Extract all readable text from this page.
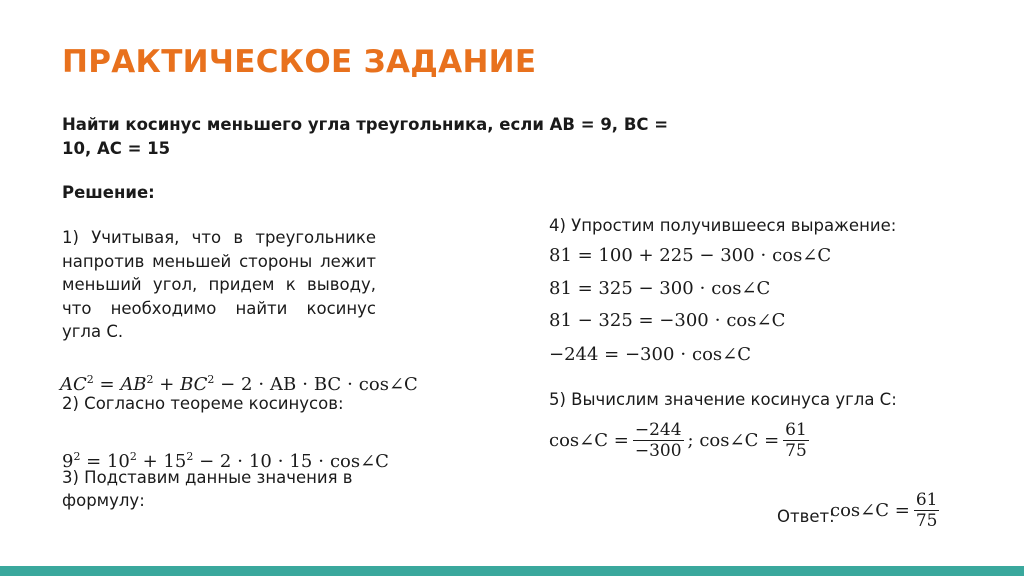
ПРАКТИЧЕСКОЕ ЗАДАНИЕ
Найти косинус меньшего угла треугольника, если АВ = 9, ВС = 10, АС = 15
Решение:
1) Учитывая, что в треугольнике напротив меньшей стороны лежит меньший угол, придем к выводу, что необходимо найти косинус угла С.
$AC^2 = AB^2 + BC^2 - 2$ ⋅ AB ⋅ BC ⋅ cos∠C
2) Согласно теореме косинусов:
$9^2 = 10^2 + 15^2 - 2 \cdot 10 \cdot 15$ ⋅ cos∠C
3) Подставим данные значения в формулу:
4) Упростим получившееся выражение:
81 = 100 + 225 − 300 ⋅ cos∠C
81 = 325 − 300 ⋅ cos∠C
81 − 325 = −300 ⋅ cos∠C
−244 = −300 ⋅ cos∠C
5) Вычислим значение косинуса угла С:
cos∠C = $\frac{-244}{-300}$ ;
cos∠C = $\frac{61}{75}$
Ответ:
cos∠C = $\frac{61}{75}$
